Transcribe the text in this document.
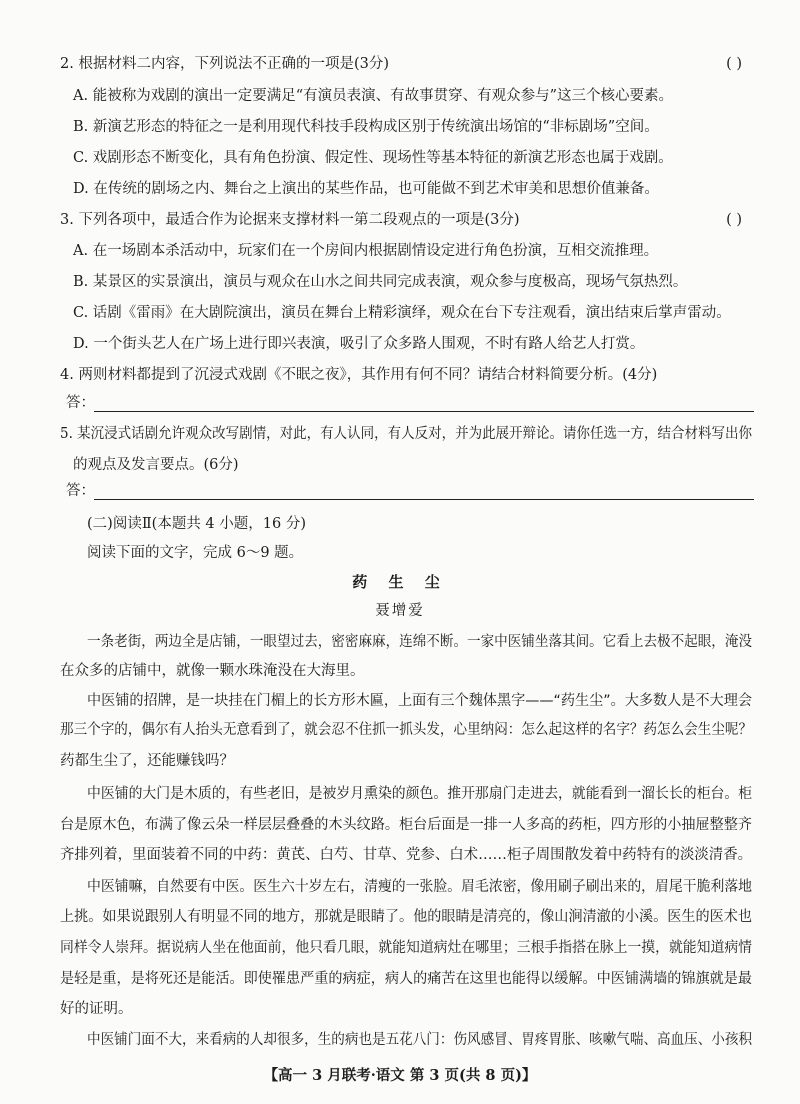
2. 根据材料二内容，下列说法不正确的一项是(3分)	( )
A. 能被称为戏剧的演出一定要满足“有演员表演、有故事贯穿、有观众参与”这三个核心要素。
B. 新演艺形态的特征之一是利用现代科技手段构成区别于传统演出场馆的“非标剧场”空间。
C. 戏剧形态不断变化，具有角色扮演、假定性、现场性等基本特征的新演艺形态也属于戏剧。
D. 在传统的剧场之内、舞台之上演出的某些作品，也可能做不到艺术审美和思想价值兼备。
3. 下列各项中，最适合作为论据来支撑材料一第二段观点的一项是(3分)	( )
A. 在一场剧本杀活动中，玩家们在一个房间内根据剧情设定进行角色扮演，互相交流推理。
B. 某景区的实景演出，演员与观众在山水之间共同完成表演，观众参与度极高，现场气氛热烈。
C. 话剧《雷雨》在大剧院演出，演员在舞台上精彩演绎，观众在台下专注观看，演出结束后掌声雷动。
D. 一个街头艺人在广场上进行即兴表演，吸引了众多路人围观，不时有路人给艺人打赏。
4. 两则材料都提到了沉浸式戏剧《不眠之夜》，其作用有何不同？请结合材料简要分析。(4分)
答：
5. 某沉浸式话剧允许观众改写剧情，对此，有人认同，有人反对，并为此展开辩论。请你任选一方，结合材料写出你
的观点及发言要点。(6分)
答：
(二)阅读Ⅱ(本题共 4 小题，16 分)
阅读下面的文字，完成 6～9 题。
药 生 尘
聂增爱
一条老街，两边全是店铺，一眼望过去，密密麻麻，连绵不断。一家中医铺坐落其间。它看上去极不起眼，淹没
在众多的店铺中，就像一颗水珠淹没在大海里。
中医铺的招牌，是一块挂在门楣上的长方形木匾，上面有三个魏体黑字——“药生尘”。大多数人是不大理会
那三个字的，偶尔有人抬头无意看到了，就会忍不住抓一抓头发，心里纳闷：怎么起这样的名字？药怎么会生尘呢？
药都生尘了，还能赚钱吗？
中医铺的大门是木质的，有些老旧，是被岁月熏染的颜色。推开那扇门走进去，就能看到一溜长长的柜台。柜
台是原木色，布满了像云朵一样层层叠叠的木头纹路。柜台后面是一排一人多高的药柜，四方形的小抽屉整整齐
齐排列着，里面装着不同的中药：黄芪、白芍、甘草、党参、白术……柜子周围散发着中药特有的淡淡清香。
中医铺嘛，自然要有中医。医生六十岁左右，清瘦的一张脸。眉毛浓密，像用刷子刷出来的，眉尾干脆利落地
上挑。如果说跟别人有明显不同的地方，那就是眼睛了。他的眼睛是清亮的，像山涧清澈的小溪。医生的医术也
同样令人崇拜。据说病人坐在他面前，他只看几眼，就能知道病灶在哪里；三根手指搭在脉上一摸，就能知道病情
是轻是重，是将死还是能活。即使罹患严重的病症，病人的痛苦在这里也能得以缓解。中医铺满墙的锦旗就是最
好的证明。
中医铺门面不大，来看病的人却很多，生的病也是五花八门：伤风感冒、胃疼胃胀、咳嗽气喘、高血压、小孩积
【高一 3 月联考·语文 第 3 页(共 8 页)】
